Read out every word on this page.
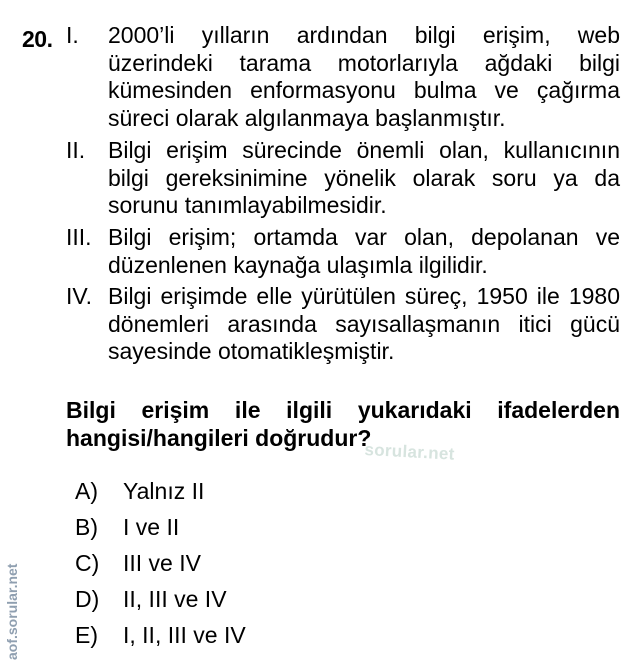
20. I. 2000’li yılların ardından bilgi erişim, web üzerindeki tarama motorlarıyla ağdaki bilgi kümesinden enformasyonu bulma ve çağırma süreci olarak algılanmaya başlanmıştır.
II. Bilgi erişim sürecinde önemli olan, kullanıcının bilgi gereksinimine yönelik olarak soru ya da sorunu tanımlayabilmesidir.
III. Bilgi erişim; ortamda var olan, depolanan ve düzenlenen kaynağa ulaşımla ilgilidir.
IV. Bilgi erişimde elle yürütülen süreç, 1950 ile 1980 dönemleri arasında sayısallaşmanın itici gücü sayesinde otomatikleşmiştir.
sorular.net
Bilgi erişim ile ilgili yukarıdaki ifadelerden
hangisi/hangileri doğrudur?
A) Yalnız II
B) I ve II
C) III ve IV
D) II, III ve IV
E) I, II, III ve IV
aof.sorular.net
